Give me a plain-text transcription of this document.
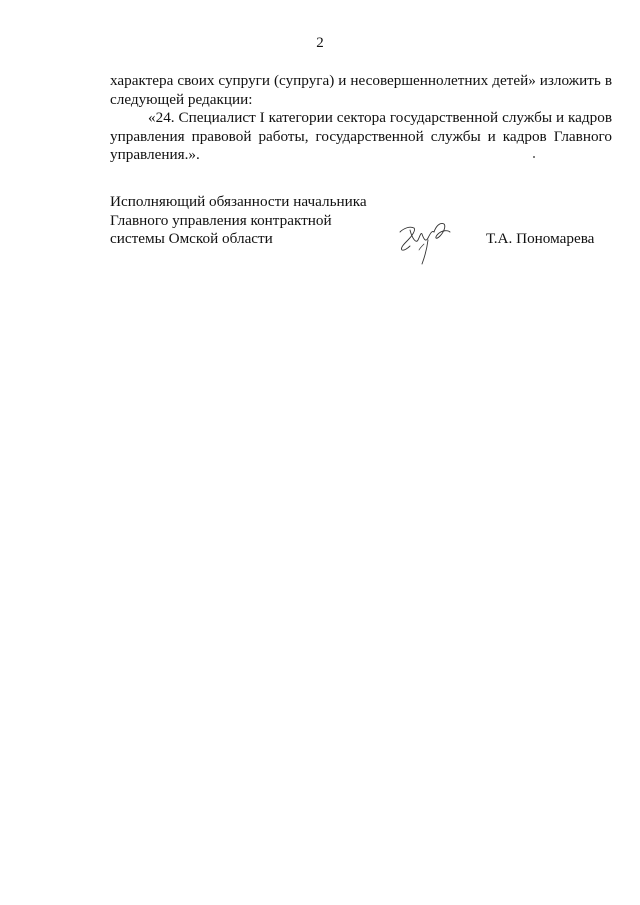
2

характера своих супруги (супруга) и несовершеннолетних детей» изложить в следующей редакции:

«24. Специалист I категории сектора государственной службы и кадров управления правовой работы, государственной службы и кадров Главного управления.».

Исполняющий обязанности начальника
Главного управления контрактной
системы Омской области	Т.А. Пономарева
